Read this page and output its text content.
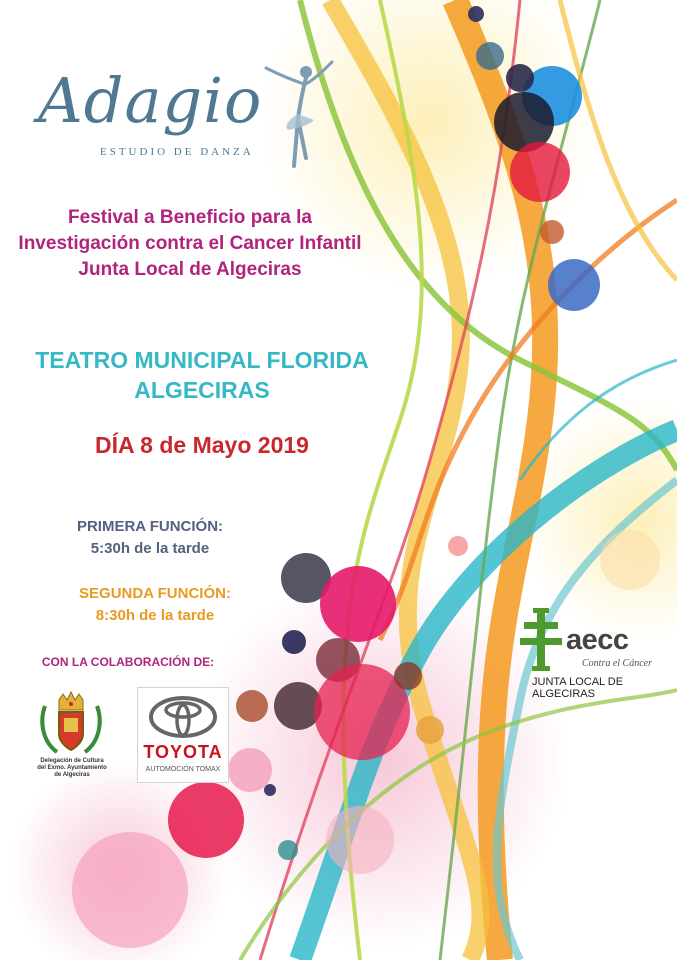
Adagio
ESTUDIO DE DANZA
Festival a Beneficio para la
Investigación contra el Cancer Infantil
Junta Local de Algeciras
TEATRO MUNICIPAL FLORIDA
ALGECIRAS
DÍA 8 de Mayo 2019
PRIMERA FUNCIÓN:
5:30h de la tarde
SEGUNDA FUNCIÓN:
8:30h de la tarde
CON LA COLABORACIÓN DE:
Delegación de Cultura
del Exmo. Ayuntamiento
de Algeciras
TOYOTA
AUTOMOCIÓN TOMAX
aecc
Contra el Cáncer
JUNTA LOCAL DE ALGECIRAS
